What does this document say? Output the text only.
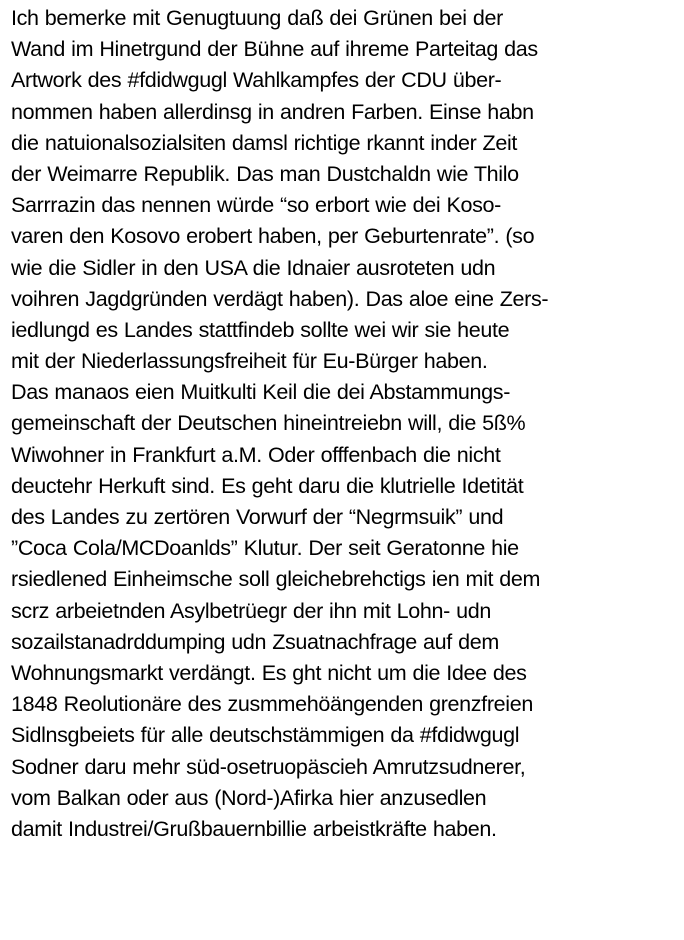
Ich bemerke mit Genugtuung daß dei Grünen bei der
Wand im Hinetrgund der Bühne auf ihreme Parteitag das
Artwork des #fdidwgugl Wahlkampfes der CDU über-
nommen haben allerdinsg in andren Farben. Einse habn
die natuionalsozialsiten damsl richtige rkannt inder Zeit
der Weimarre Republik. Das man Dustchaldn wie Thilo
Sarrrazin das nennen würde “so erbort wie dei Koso-
varen den Kosovo erobert haben, per Geburtenrate”. (so
wie die Sidler in den USA die Idnaier ausroteten udn
voihren Jagdgründen verdägt haben). Das aloe eine Zers-
iedlungd es Landes stattfindeb sollte wei wir sie heute
mit der Niederlassungsfreiheit für Eu-Bürger haben.
Das manaos eien Muitkulti Keil die dei Abstammungs-
gemeinschaft der Deutschen hineintreiebn will, die 5ß%
Wiwohner in Frankfurt a.M. Oder offfenbach die nicht
deuctehr Herkuft sind. Es geht daru die klutrielle Idetität
des Landes zu zertören Vorwurf der “Negrmsuik” und
”Coca Cola/MCDoanlds” Klutur. Der seit Geratonne hie
rsiedlened Einheimsche soll gleichebrehctigs ien mit dem
scrz arbeietnden Asylbetrüegr der ihn mit Lohn- udn
sozailstanadrddumping udn Zsuatnachfrage auf dem
Wohnungsmarkt verdängt. Es ght nicht um die Idee des
1848 Reolutionäre des zusmmehöängenden grenzfreien
Sidlnsgbeiets für alle deutschstämmigen da #fdidwgugl
Sodner daru mehr süd-osetruopäscieh Amrutzsudnerer,
vom Balkan oder aus (Nord-)Afirka hier anzusedlen
damit Industrei/Grußbauernbillie arbeistkräfte haben.
